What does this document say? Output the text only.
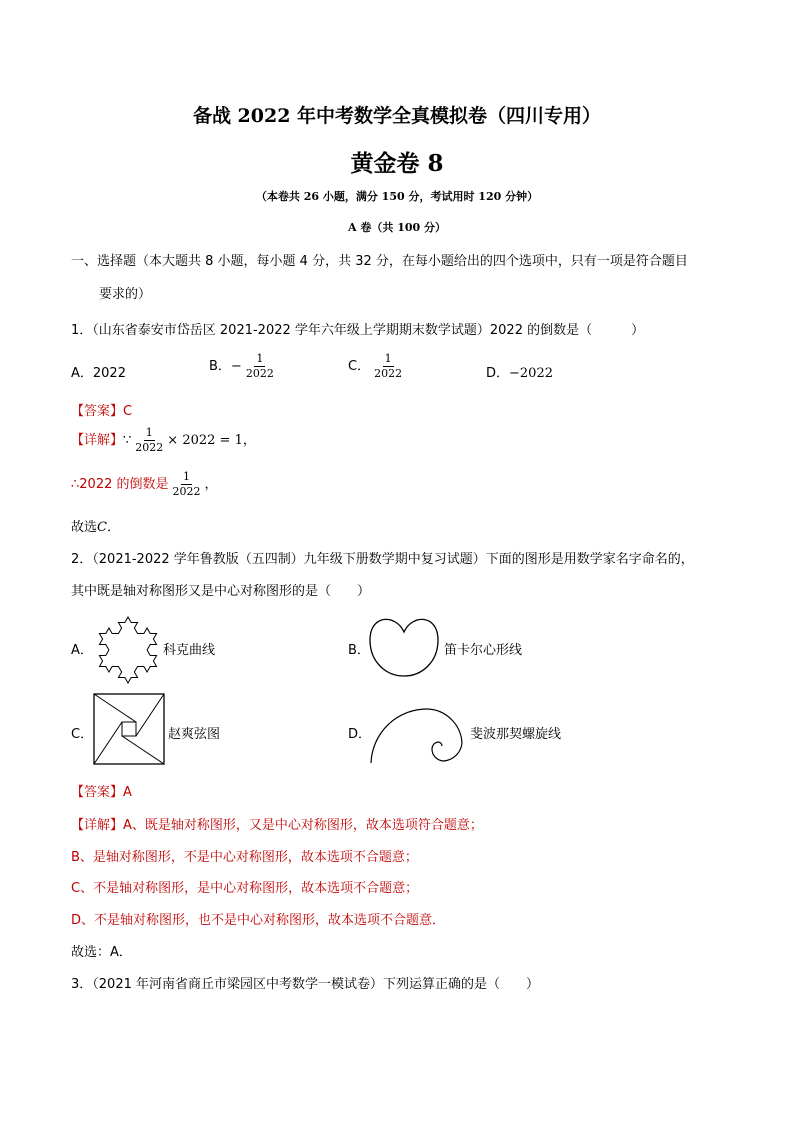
备战 2022 年中考数学全真模拟卷（四川专用）
黄金卷 8
（本卷共 26 小题，满分 150 分，考试用时 120 分钟）
A 卷（共 100 分）
一、选择题（本大题共 8 小题，每小题 4 分，共 32 分，在每小题给出的四个选项中，只有一项是符合题目
要求的）
1．（山东省泰安市岱岳区 2021-2022 学年六年级上学期期末数学试题）2022 的倒数是（　　　）
A．2022	B．− $\frac{1}{2022}$	C． $\frac{1}{2022}$	D．−2022
【答案】C
【详解】∵ $\frac{1}{2022} \times 2022 = 1$，
∴2022 的倒数是 $\frac{1}{2022}$ ，
故选C．
2．（2021-2022 学年鲁教版（五四制）九年级下册数学期中复习试题）下面的图形是用数学家名字命名的，
其中既是轴对称图形又是中心对称图形的是（　　）
A．	科克曲线	B．	笛卡尔心形线
C．	赵爽弦图	D．	斐波那契螺旋线
【答案】A
【详解】A、既是轴对称图形，又是中心对称图形，故本选项符合题意；
B、是轴对称图形，不是中心对称图形，故本选项不合题意；
C、不是轴对称图形，是中心对称图形，故本选项不合题意；
D、不是轴对称图形，也不是中心对称图形，故本选项不合题意．
故选：A．
3．（2021 年河南省商丘市梁园区中考数学一模试卷）下列运算正确的是（　　）
